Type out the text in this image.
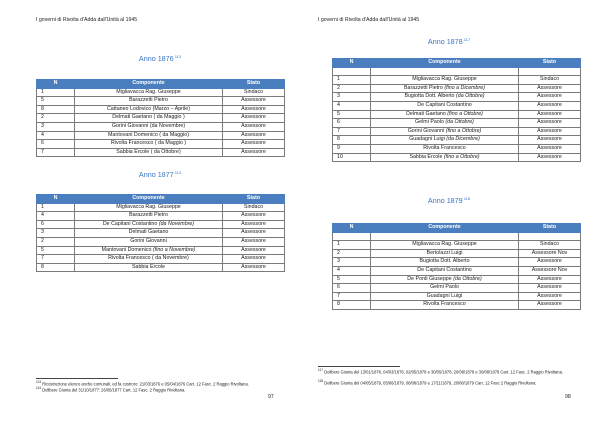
I governi di Rivolta d'Adda dall'Unità al 1945
Anno 1876$^{113}$
N	Componente	Stato
1	Migliavacca Rag. Giuseppe	Sindaco
5	Barazzetti Pietro	Assessore
8	Cattaneo Lodovico (Marzo – Aprile)	Assessore
2	Delmati Gaetano ( da Maggio )	Assessore
3	Gorini Giovanni (da Novembre)	Assessore
4	Mantovani Domenico ( da Maggio)	Assessore
6	Rivolta Francesco ( da Maggio )	Assessore
7	Sabbia Ercole ( da Ottobre)	Assessore
Anno 1877$^{114}$
N	Componente	Stato
1	Migliavacca Rag. Giuseppe	Sindaco
4	Barazzetti Pietro	Assessore
6	De Capitani Costantino (da Novembre)	Assessore
3	Delmati Gaetano	Assessore
2	Gorini Giovanni	Assessore
5	Mantovani Domenico (fino a Novembre)	Assessore
7	Rivolta Francesco ( da Novembre)	Assessore
8	Sabbia Ercole	Assessore
$^{113}$ Ricostruzione elenco anche comunali, ed fa costroro: 21/03/1876 e 05/04/1876 Cart. 12 Fasc. 2 Raggio Rivoltana.
$^{114}$ Delibere Giunta del 31/10/1877: 26/05/1877 Cart. 12 Fasc. 2 Raggio Rivoltana.
97
I governi di Rivolta d'Adda dall'Unità al 1945
Anno 1878$^{117}$
N	Componente	Stato

1	Migliavacca Rag. Giuseppe	Sindaco
2	Barazzetti Pietro (fino a Dicembre)	Assessore
3	Bugiotta Dott. Alberto (da Ottobre)	Assessore
4	De Capitani Costantino	Assessore
5	Delmati Gaetano (fino a Ottobre)	Assessore
6	Gelmi Paolo (da Ottobre)	Assessore
7	Gorini Giovanni (fino a Ottobre)	Assessore
8	Guadagni Luigi (da Dicembre)	Assessore
9	Rivolta Francesco	Assessore
10	Sabbia Ercole (fino a Ottobre)	Assessore
Anno 1879$^{118}$
N	Componente	Stato

1	Migliavacca Rag. Giuseppe	Sindaco
2	Bertolazzi Luigi	Assessore Nov
3	Bugiotta Dott. Alberto	Assessore
4	De Capitani Costantino	Assessore Nov
5	De Ponti Giuseppe (da Ottobre)	Assessore
6	Gelmi Paolo	Assessore
7	Guadagni Luigi	Assessore
8	Rivolta Francesco	Assessore
$^{117}$ Delibere Giunta del 13/01/1878, 04/03/1878, 02/05/1878 e 30/05/1878, 20/08/1878 e 30/08/1878 Cart. 12 Fasc. 2 Raggio Rivoltana.
$^{118}$ Delibere Giunta del 04/05/1879, 05/06/1879, 08/08/1879 e 17/11/1879, 20/08/1879 Cart. 12 Fasc 2 Raggio Rivoltana.
98
